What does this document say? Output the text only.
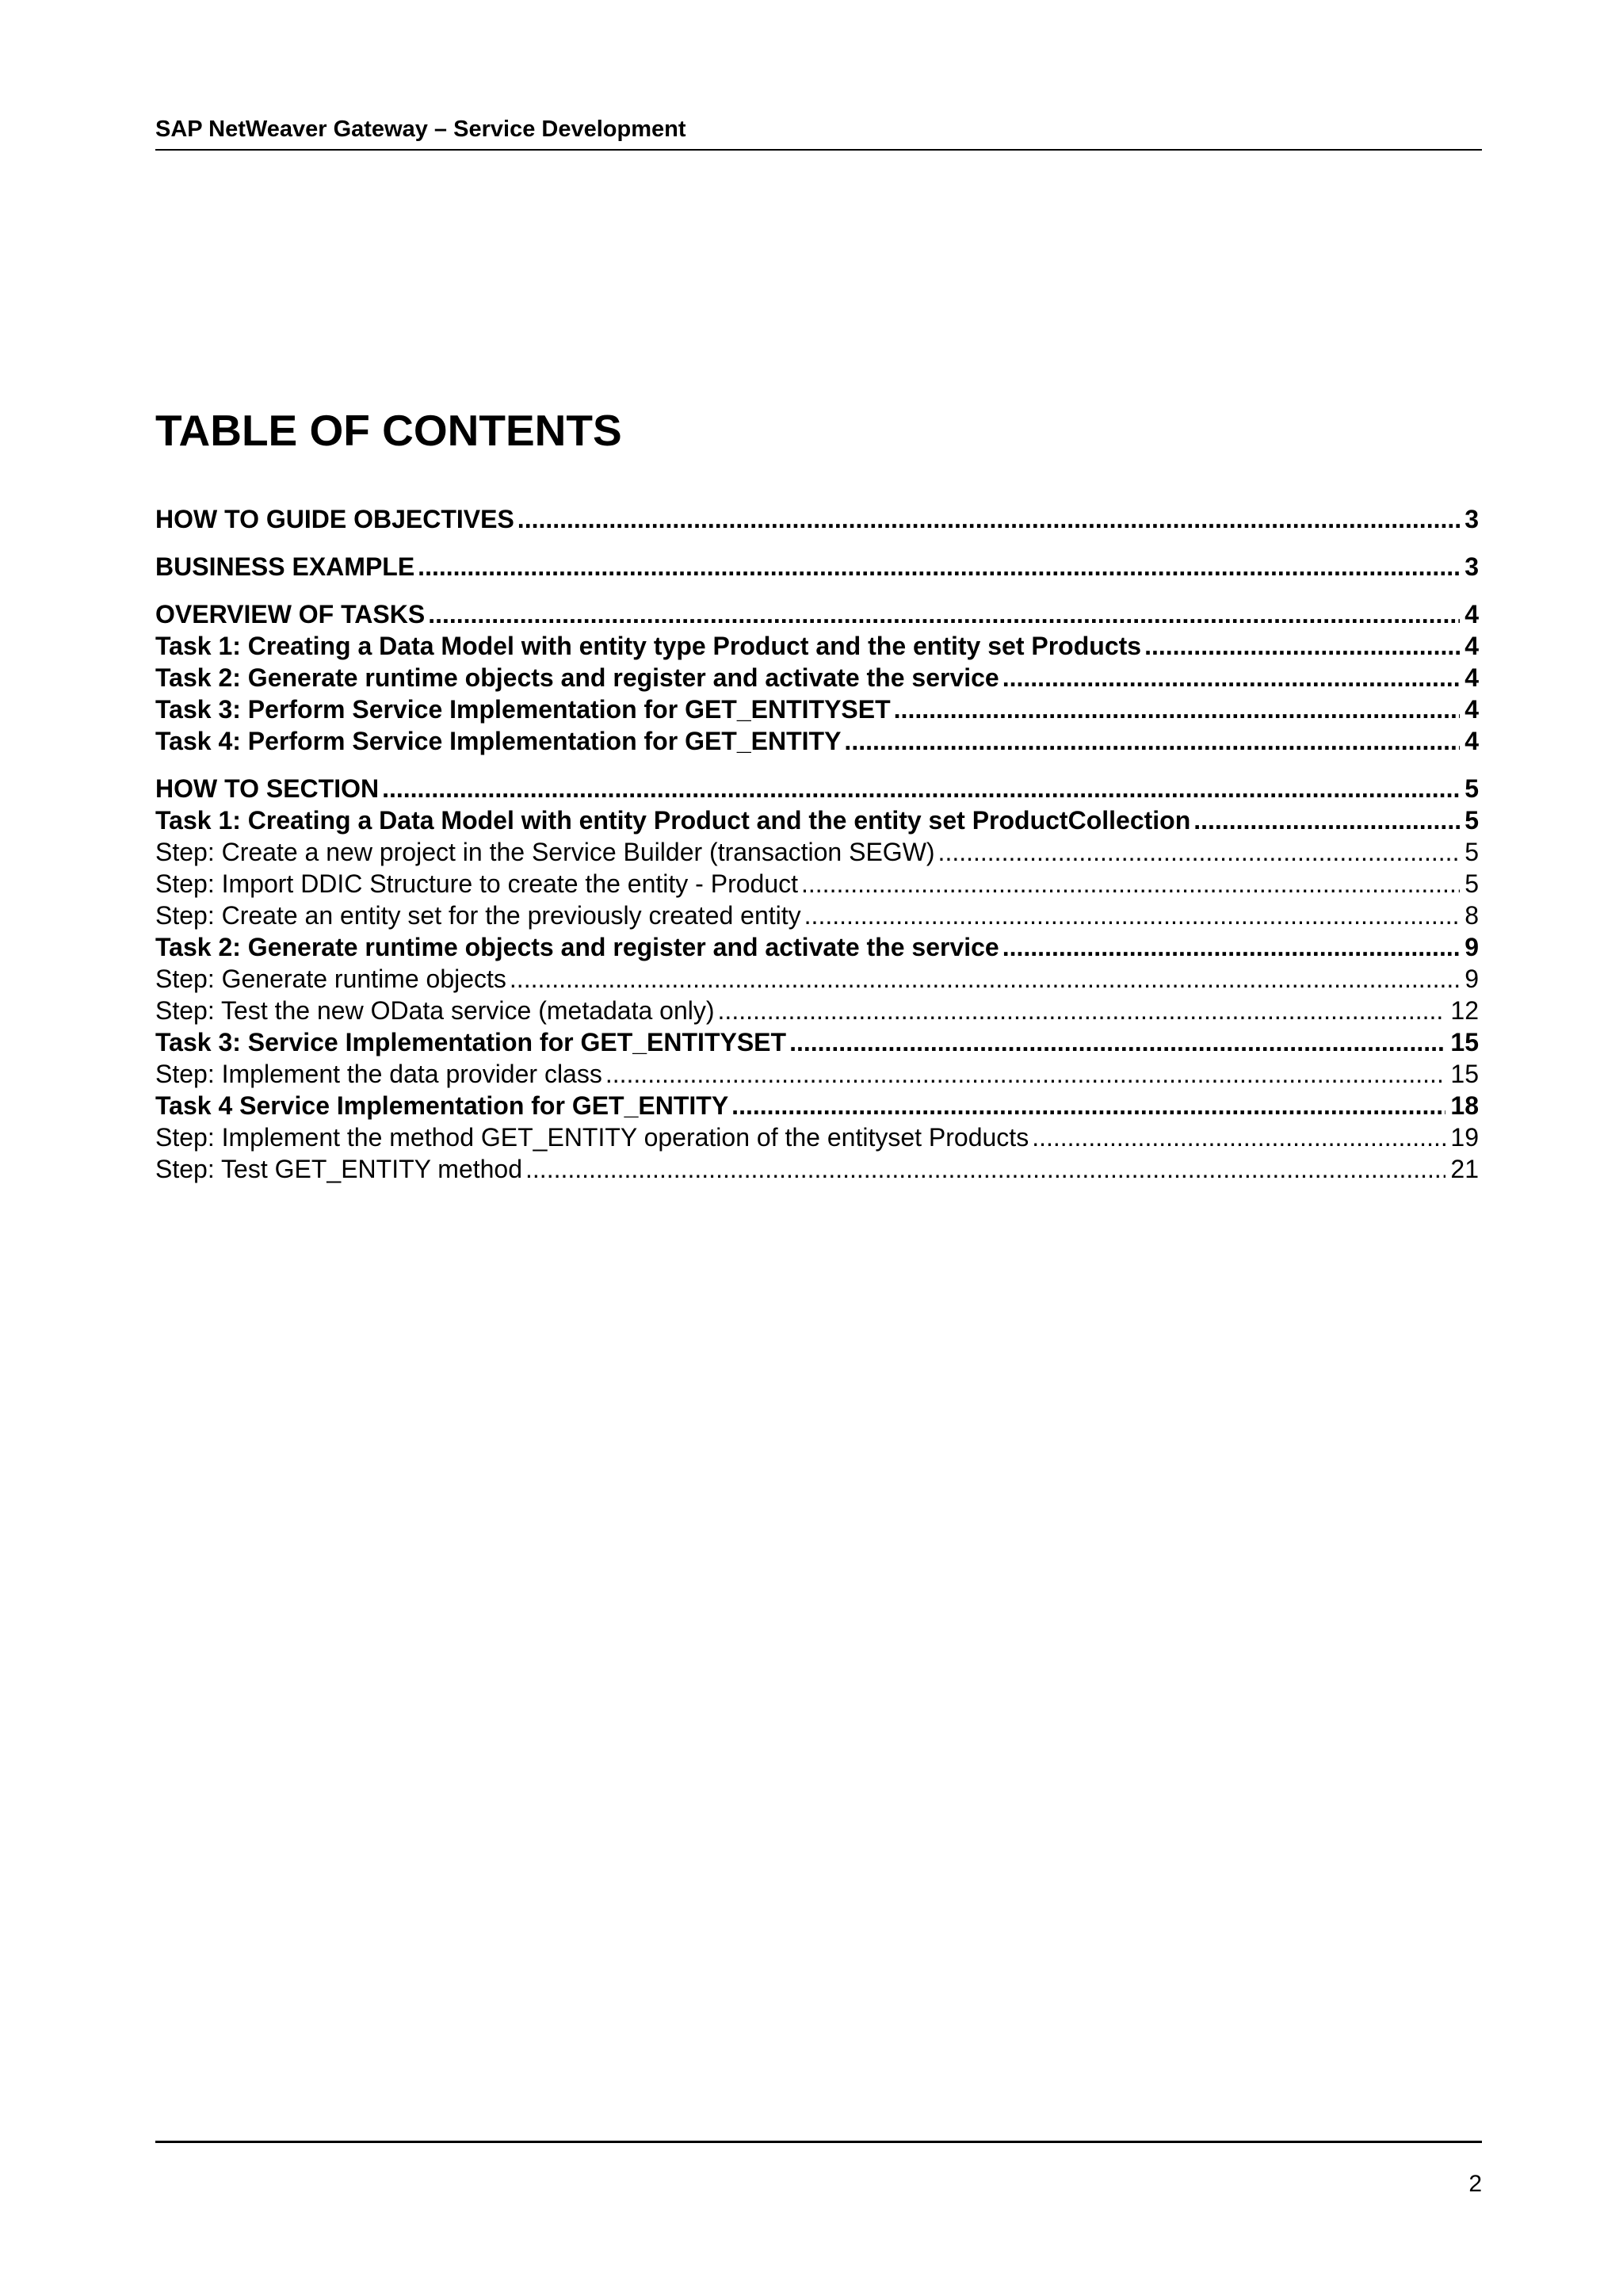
SAP NetWeaver Gateway – Service Development
TABLE OF CONTENTS
HOW TO GUIDE OBJECTIVES .....	3
BUSINESS EXAMPLE .....	3
OVERVIEW OF TASKS .....	4
Task 1: Creating a Data Model with entity type Product and the entity set Products .....	4
Task 2: Generate runtime objects and register and activate the service .....	4
Task 3: Perform Service Implementation for GET_ENTITYSET .....	4
Task 4: Perform Service Implementation for GET_ENTITY .....	4
HOW TO SECTION .....	5
Task 1: Creating a Data Model with entity Product and the entity set ProductCollection .....	5
Step: Create a new project in the Service Builder (transaction SEGW) .....	5
Step: Import DDIC Structure to create the entity - Product .....	5
Step: Create an entity set for the previously created entity .....	8
Task 2: Generate runtime objects and register and activate the service .....	9
Step: Generate runtime objects .....	9
Step: Test the new OData service (metadata only) .....	12
Task 3: Service Implementation for GET_ENTITYSET .....	15
Step: Implement the data provider class .....	15
Task 4 Service Implementation for GET_ENTITY .....	18
Step: Implement the method GET_ENTITY operation of the entityset Products .....	19
Step: Test GET_ENTITY method .....	21
2
